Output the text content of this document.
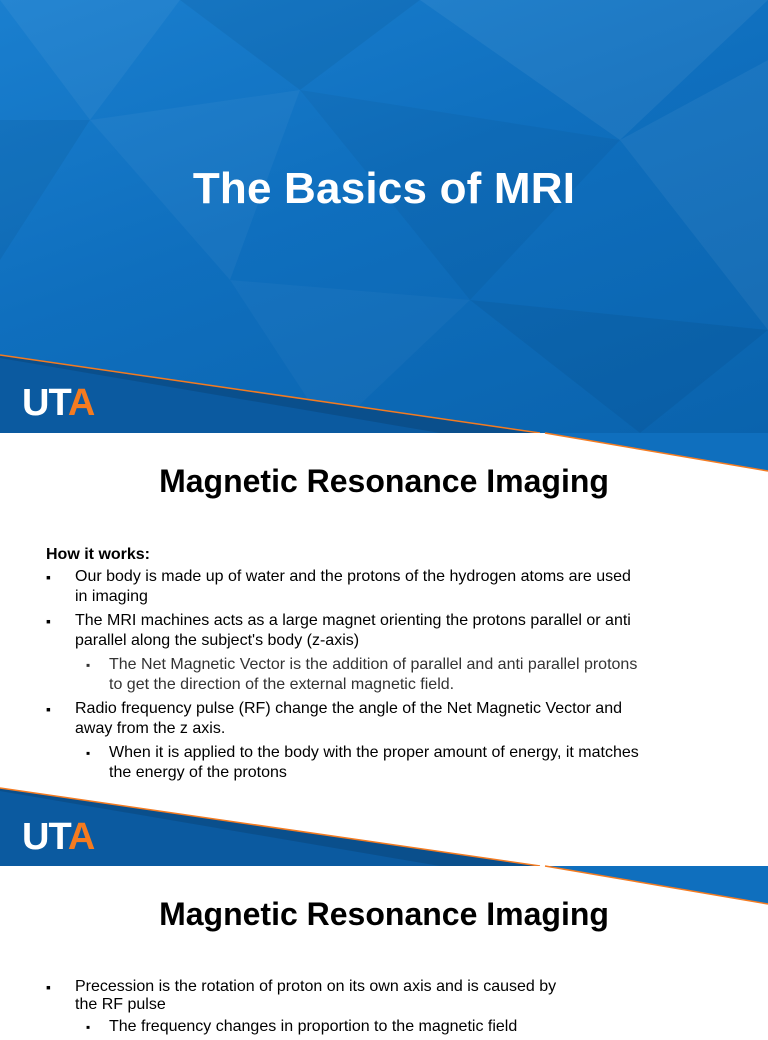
The Basics of MRI
UTA
Magnetic Resonance Imaging
How it works:
▪ Our body is made up of water and the protons of the hydrogen atoms are used in imaging
▪ The MRI machines acts as a large magnet orienting the protons parallel or anti parallel along the subject's body (z-axis)
▪ The Net Magnetic Vector is the addition of parallel and anti parallel protons to get the direction of the external magnetic field.
▪ Radio frequency pulse (RF) change the angle of the Net Magnetic Vector and away from the z axis.
▪ When it is applied to the body with the proper amount of energy, it matches the energy of the protons
UTA
Magnetic Resonance Imaging
▪ Precession is the rotation of proton on its own axis and is caused by the RF pulse
▪ The frequency changes in proportion to the magnetic field
